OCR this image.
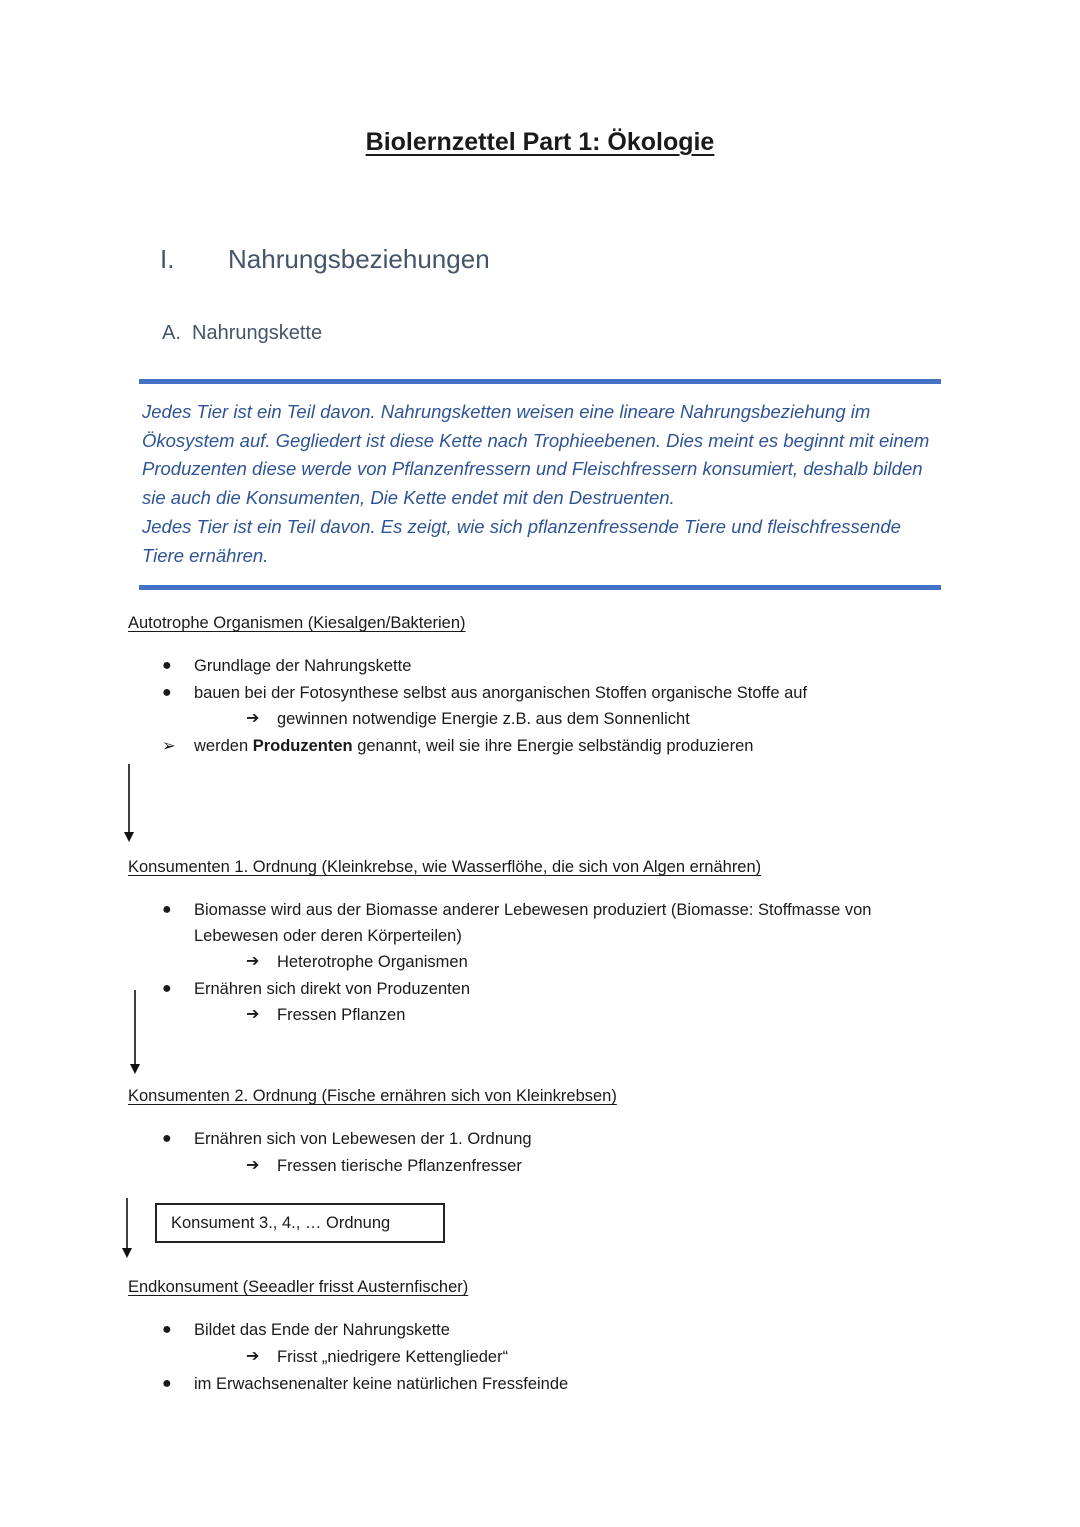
Biolernzettel Part 1: Ökologie
I. Nahrungsbeziehungen
A.  Nahrungskette

Jedes Tier ist ein Teil davon. Nahrungsketten weisen eine lineare Nahrungsbeziehung im Ökosystem auf. Gegliedert ist diese Kette nach Trophieebenen. Dies meint es beginnt mit einem Produzenten diese werde von Pflanzenfressern und Fleischfressern konsumiert, deshalb bilden sie auch die Konsumenten, Die Kette endet mit den Destruenten.

Jedes Tier ist ein Teil davon. Es zeigt, wie sich pflanzenfressende Tiere und fleischfressende Tiere ernähren.

Autotrophe Organismen (Kiesalgen/Bakterien)
● Grundlage der Nahrungskette
● bauen bei der Fotosynthese selbst aus anorganischen Stoffen organische Stoffe auf
➔ gewinnen notwendige Energie z.B. aus dem Sonnenlicht
➢ werden Produzenten genannt, weil sie ihre Energie selbständig produzieren
Konsumenten 1. Ordnung (Kleinkrebse, wie Wasserflöhe, die sich von Algen ernähren)
● Biomasse wird aus der Biomasse anderer Lebewesen produziert (Biomasse: Stoffmasse von
Lebewesen oder deren Körperteilen)
➔ Heterotrophe Organismen
● Ernähren sich direkt von Produzenten
➔ Fressen Pflanzen
Konsumenten 2. Ordnung (Fische ernähren sich von Kleinkrebsen)
● Ernähren sich von Lebewesen der 1. Ordnung
➔ Fressen tierische Pflanzenfresser
Konsument 3., 4., … Ordnung
Endkonsument (Seeadler frisst Austernfischer)
● Bildet das Ende der Nahrungskette
➔ Frisst „niedrigere Kettenglieder“
● im Erwachsenenalter keine natürlichen Fressfeinde
